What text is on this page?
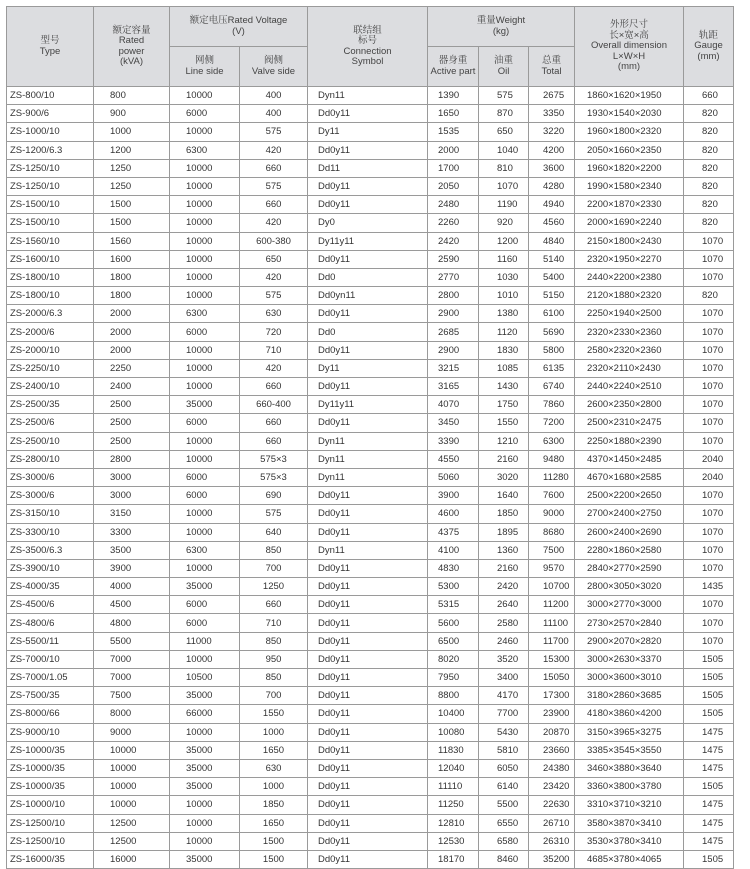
型号
Type	额定容量
Rated
power
(kVA)	额定电压Rated Voltage
(V)		联结组
标号
Connection
Symbol	重量Weight
(kg)			外形尺寸
长×宽×高
Overall dimension
L×W×H
(mm)	轨距
Gauge
(mm)

		网侧
Line side	阀侧
Valve side		器身重
Active part	油重
Oil	总重
Total		

ZS-800/10	800	10000	400	Dyn11	1390	575	2675	1860×1620×1950	660
ZS-900/6	900	6000	400	Dd0y11	1650	870	3350	1930×1540×2030	820
ZS-1000/10	1000	10000	575	Dy11	1535	650	3220	1960×1800×2320	820
ZS-1200/6.3	1200	6300	420	Dd0y11	2000	1040	4200	2050×1660×2350	820
ZS-1250/10	1250	10000	660	Dd11	1700	810	3600	1960×1820×2200	820
ZS-1250/10	1250	10000	575	Dd0y11	2050	1070	4280	1990×1580×2340	820
ZS-1500/10	1500	10000	660	Dd0y11	2480	1190	4940	2200×1870×2330	820
ZS-1500/10	1500	10000	420	Dy0	2260	920	4560	2000×1690×2240	820
ZS-1560/10	1560	10000	600-380	Dy11y11	2420	1200	4840	2150×1800×2430	1070
ZS-1600/10	1600	10000	650	Dd0y11	2590	1160	5140	2320×1950×2270	1070
ZS-1800/10	1800	10000	420	Dd0	2770	1030	5400	2440×2200×2380	1070
ZS-1800/10	1800	10000	575	Dd0yn11	2800	1010	5150	2120×1880×2320	820
ZS-2000/6.3	2000	6300	630	Dd0y11	2900	1380	6100	2250×1940×2500	1070
ZS-2000/6	2000	6000	720	Dd0	2685	1120	5690	2320×2330×2360	1070
ZS-2000/10	2000	10000	710	Dd0y11	2900	1830	5800	2580×2320×2360	1070
ZS-2250/10	2250	10000	420	Dy11	3215	1085	6135	2320×2110×2430	1070
ZS-2400/10	2400	10000	660	Dd0y11	3165	1430	6740	2440×2240×2510	1070
ZS-2500/35	2500	35000	660-400	Dy11y11	4070	1750	7860	2600×2350×2800	1070
ZS-2500/6	2500	6000	660	Dd0y11	3450	1550	7200	2500×2310×2475	1070
ZS-2500/10	2500	10000	660	Dyn11	3390	1210	6300	2250×1880×2390	1070
ZS-2800/10	2800	10000	575×3	Dyn11	4550	2160	9480	4370×1450×2485	2040
ZS-3000/6	3000	6000	575×3	Dyn11	5060	3020	11280	4670×1680×2585	2040
ZS-3000/6	3000	6000	690	Dd0y11	3900	1640	7600	2500×2200×2650	1070
ZS-3150/10	3150	10000	575	Dd0y11	4600	1850	9000	2700×2400×2750	1070
ZS-3300/10	3300	10000	640	Dd0y11	4375	1895	8680	2600×2400×2690	1070
ZS-3500/6.3	3500	6300	850	Dyn11	4100	1360	7500	2280×1860×2580	1070
ZS-3900/10	3900	10000	700	Dd0y11	4830	2160	9570	2840×2770×2590	1070
ZS-4000/35	4000	35000	1250	Dd0y11	5300	2420	10700	2800×3050×3020	1435
ZS-4500/6	4500	6000	660	Dd0y11	5315	2640	11200	3000×2770×3000	1070
ZS-4800/6	4800	6000	710	Dd0y11	5600	2580	11100	2730×2570×2840	1070
ZS-5500/11	5500	11000	850	Dd0y11	6500	2460	11700	2900×2070×2820	1070
ZS-7000/10	7000	10000	950	Dd0y11	8020	3520	15300	3000×2630×3370	1505
ZS-7000/1.05	7000	10500	850	Dd0y11	7950	3400	15050	3000×3600×3010	1505
ZS-7500/35	7500	35000	700	Dd0y11	8800	4170	17300	3180×2860×3685	1505
ZS-8000/66	8000	66000	1550	Dd0y11	10400	7700	23900	4180×3860×4200	1505
ZS-9000/10	9000	10000	1000	Dd0y11	10080	5430	20870	3150×3965×3275	1475
ZS-10000/35	10000	35000	1650	Dd0y11	11830	5810	23660	3385×3545×3550	1475
ZS-10000/35	10000	35000	630	Dd0y11	12040	6050	24380	3460×3880×3640	1475
ZS-10000/35	10000	35000	1000	Dd0y11	11110	6140	23420	3360×3800×3780	1505
ZS-10000/10	10000	10000	1850	Dd0y11	11250	5500	22630	3310×3710×3210	1475
ZS-12500/10	12500	10000	1650	Dd0y11	12810	6550	26710	3580×3870×3410	1475
ZS-12500/10	12500	10000	1500	Dd0y11	12530	6580	26310	3530×3780×3410	1475
ZS-16000/35	16000	35000	1500	Dd0y11	18170	8460	35200	4685×3780×4065	1505
